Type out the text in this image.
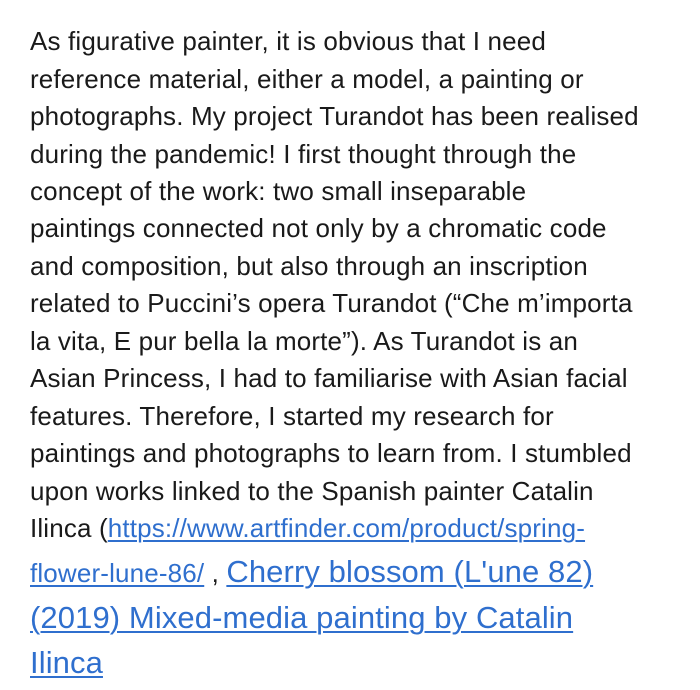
As figurative painter, it is obvious that I need
reference material, either a model, a painting or
photographs. My project Turandot has been realised
during the pandemic! I first thought through the
concept of the work: two small inseparable
paintings connected not only by a chromatic code
and composition, but also through an inscription
related to Puccini’s opera Turandot (“Che m’importa
la vita, E pur bella la morte”). As Turandot is an
Asian Princess, I had to familiarise with Asian facial
features. Therefore, I started my research for
paintings and photographs to learn from. I stumbled
upon works linked to the Spanish painter Catalin
Ilinca (https://www.artfinder.com/product/spring-
flower-lune-86/ , Cherry blossom (L'une 82)
(2019) Mixed-media painting by Catalin
Ilinca
